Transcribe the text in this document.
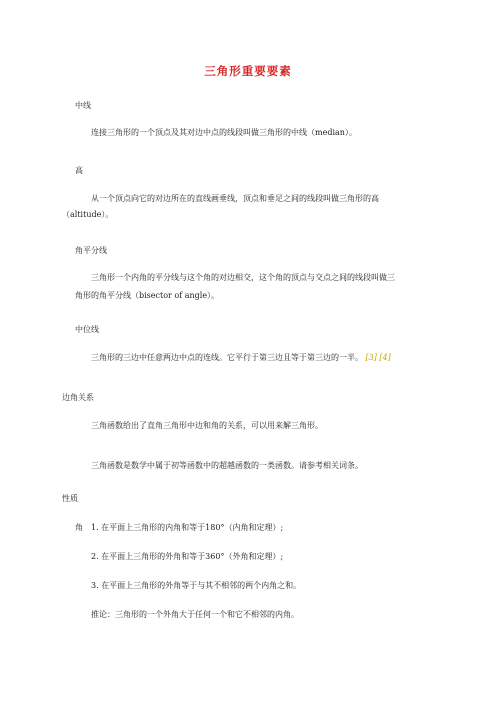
三角形重要要素
中线
连接三角形的一个顶点及其对边中点的线段叫做三角形的中线（median）。
高
从一个顶点向它的对边所在的直线画垂线，顶点和垂足之间的线段叫做三角形的高
（altitude）。
角平分线
三角形一个内角的平分线与这个角的对边相交，这个角的顶点与交点之间的线段叫做三
角形的角平分线（bisector of angle）。
中位线
三角形的三边中任意两边中点的连线。它平行于第三边且等于第三边的一半。 [3] [4]
边角关系
三角函数给出了直角三角形中边和角的关系，可以用来解三角形。
三角函数是数学中属于初等函数中的超越函数的一类函数。请参考相关词条。
性质
角 1. 在平面上三角形的内角和等于180°（内角和定理）;
2. 在平面上三角形的外角和等于360°（外角和定理）;
3. 在平面上三角形的外角等于与其不相邻的两个内角之和。
推论：三角形的一个外角大于任何一个和它不相邻的内角。
